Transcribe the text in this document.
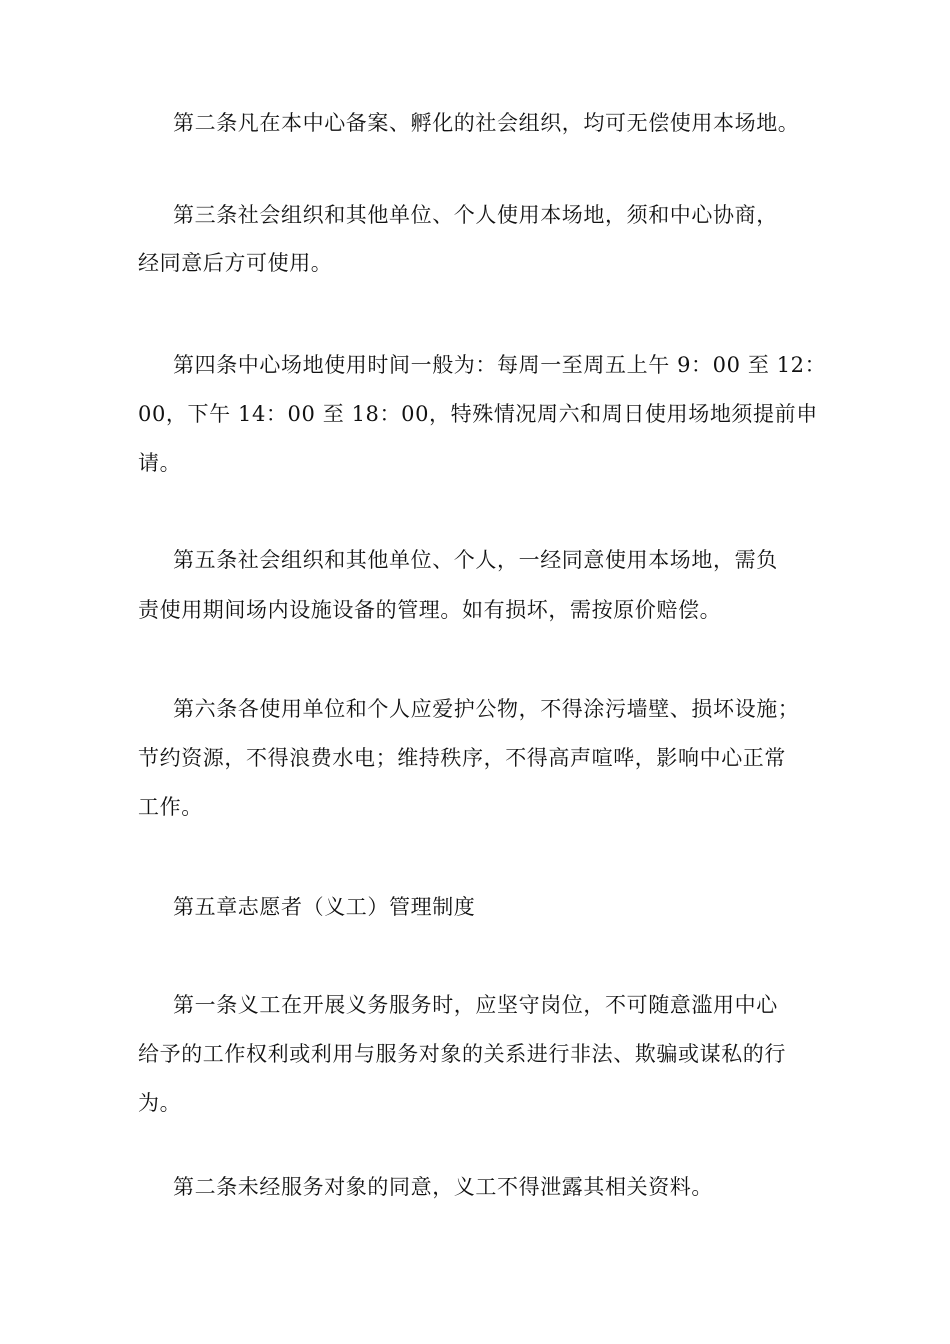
第二条凡在本中心备案、孵化的社会组织，均可无偿使用本场地。
第三条社会组织和其他单位、个人使用本场地，须和中心协商，
经同意后方可使用。
第四条中心场地使用时间一般为：每周一至周五上午 9：00 至 12：
00，下午 14：00 至 18：00，特殊情况周六和周日使用场地须提前申
请。
第五条社会组织和其他单位、个人，一经同意使用本场地，需负
责使用期间场内设施设备的管理。如有损坏，需按原价赔偿。
第六条各使用单位和个人应爱护公物，不得涂污墙壁、损坏设施；
节约资源，不得浪费水电；维持秩序，不得高声喧哗，影响中心正常
工作。
第五章志愿者（义工）管理制度
第一条义工在开展义务服务时，应坚守岗位，不可随意滥用中心
给予的工作权利或利用与服务对象的关系进行非法、欺骗或谋私的行
为。
第二条未经服务对象的同意，义工不得泄露其相关资料。
